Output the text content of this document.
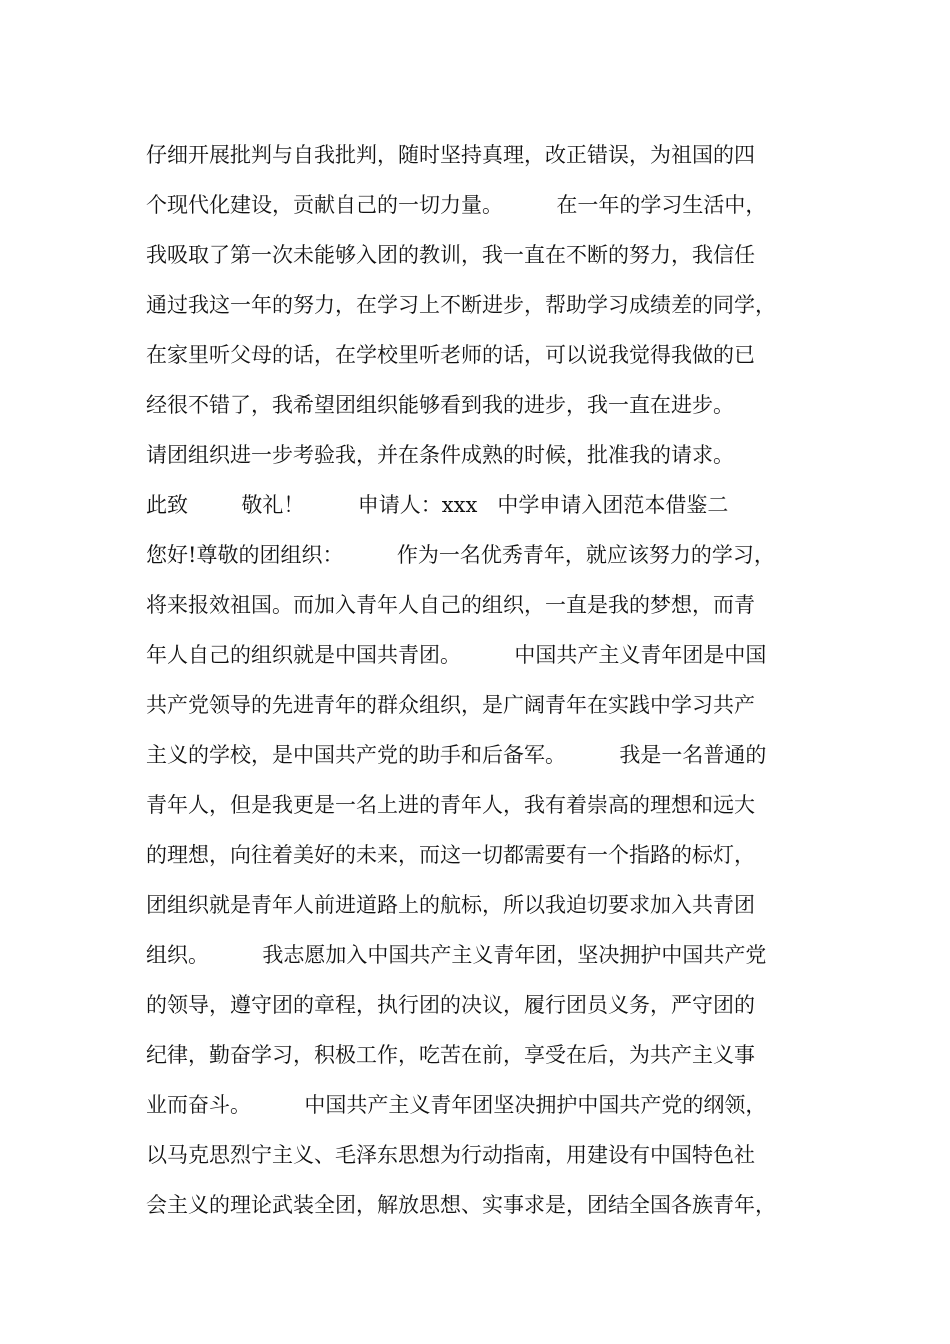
仔细开展批判与自我批判，随时坚持真理，改正错误，为祖国的四
个现代化建设，贡献自己的一切力量。        在一年的学习生活中，
我吸取了第一次未能够入团的教训，我一直在不断的努力，我信任
通过我这一年的努力，在学习上不断进步，帮助学习成绩差的同学，
在家里听父母的话，在学校里听老师的话，可以说我觉得我做的已
经很不错了，我希望团组织能够看到我的进步，我一直在进步。
请团组织进一步考验我，并在条件成熟的时候，批准我的请求。
此致        敬礼！        申请人：xxx   中学申请入团范本借鉴二
您好!尊敬的团组织：        作为一名优秀青年，就应该努力的学习，
将来报效祖国。而加入青年人自己的组织，一直是我的梦想，而青
年人自己的组织就是中国共青团。        中国共产主义青年团是中国
共产党领导的先进青年的群众组织，是广阔青年在实践中学习共产
主义的学校，是中国共产党的助手和后备军。        我是一名普通的
青年人，但是我更是一名上进的青年人，我有着崇高的理想和远大
的理想，向往着美好的未来，而这一切都需要有一个指路的标灯，
团组织就是青年人前进道路上的航标，所以我迫切要求加入共青团
组织。        我志愿加入中国共产主义青年团，坚决拥护中国共产党
的领导，遵守团的章程，执行团的决议，履行团员义务，严守团的
纪律，勤奋学习，积极工作，吃苦在前，享受在后，为共产主义事
业而奋斗。        中国共产主义青年团坚决拥护中国共产党的纲领，
以马克思烈宁主义、毛泽东思想为行动指南，用建设有中国特色社
会主义的理论武装全团，解放思想、实事求是，团结全国各族青年，
